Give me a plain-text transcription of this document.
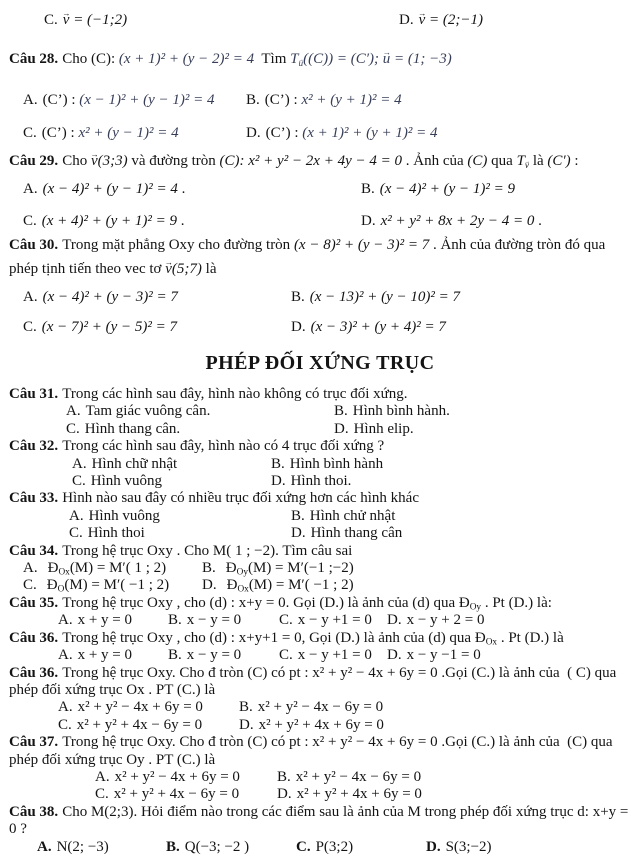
C. v → = (−1;2)	D. v → = (2;−1)

Câu 28. Cho (C): (x + 1)² + (y − 2)² = 4  Tìm $T_u((C)) = (C')$; u → = (1; −3)

A. (C’) : (x − 1)² + (y − 1)² = 4	B. (C’) : x² + (y + 1)² = 4
C. (C’) : x² + (y − 1)² = 4	D. (C’) : (x + 1)² + (y + 1)² = 4

Câu 29. Cho v →(3;3) và đường tròn (C): x² + y² − 2x + 4y − 4 = 0 . Ảnh của (C) qua $T_v$ là (C′) :

A. (x − 4)² + (y − 1)² = 4 .	B. (x − 4)² + (y − 1)² = 9
C. (x + 4)² + (y + 1)² = 9 .	D. x² + y² + 8x + 2y − 4 = 0 .

Câu 30. Trong mặt phẳng Oxy cho đường tròn (x − 8)² + (y − 3)² = 7 . Ảnh của đường tròn đó qua phép tịnh tiến theo vec tơ v →(5;7) là

A. (x − 4)² + (y − 3)² = 7	B. (x − 13)² + (y − 10)² = 7
C. (x − 7)² + (y − 5)² = 7	D. (x − 3)² + (y + 4)² = 7
PHÉP ĐỐI XỨNG TRỤC

Câu 31. Trong các hình sau đây, hình nào không có trục đối xứng.

A. Tam giác vuông cân.	B. Hình bình hành.
C. Hình thang cân.	D. Hình elip.

Câu 32. Trong các hình sau đây, hình nào có 4 trục đối xứng ?

A. Hình chữ nhật	B. Hình bình hành
C. Hình vuông	D. Hình thoi.

Câu 33. Hình nào sau đây có nhiều trục đối xứng hơn các hình khác

A. Hình vuông	B. Hình chử nhật
C. Hình thoi	D. Hình thang cân

Câu 34. Trong hệ trục Oxy . Cho M( 1 ; −2). Tìm câu sai

A. $Đ_{Ox}(M) = M'$( 1 ; 2)	B. $Đ_{Oy}(M) = M'(-1$ ;−2)
C. $Đ_O(M) = M'( -1$ ; 2)	D. $Đ_{Ox}(M) = M'( -1$ ; 2)

Câu 35. Trong hệ trục Oxy , cho (d) : x+y = 0. Gọi (D.) là ảnh của (d) qua $Đ_{Oy}$ . Pt (D.) là:

A. x + y = 0	B. x − y = 0	C. x − y +1 = 0	D. x − y + 2 = 0

Câu 36. Trong hệ trục Oxy , cho (d) : x+y+1 = 0, Gọi (D.) là ảnh của (d) qua $Đ_{Ox}$ . Pt (D.) là

A. x + y = 0	B. x − y = 0	C. x − y +1 = 0	D. x − y −1 = 0

Câu 36. Trong hệ trục Oxy. Cho đ tròn (C) có pt : x² + y² − 4x + 6y = 0 .Gọi (C.) là ảnh của  ( C) qua phép đối xứng trục Ox . PT (C.) là

A. x² + y² − 4x + 6y = 0	B. x² + y² − 4x − 6y = 0
C. x² + y² + 4x − 6y = 0	D. x² + y² + 4x + 6y = 0

Câu 37. Trong hệ trục Oxy. Cho đ tròn (C) có pt : x² + y² − 4x + 6y = 0 .Gọi (C.) là ảnh của  (C) qua phép đối xứng trục Oy . PT (C.) là

A. x² + y² − 4x + 6y = 0	B. x² + y² − 4x − 6y = 0
C. x² + y² + 4x − 6y = 0	D. x² + y² + 4x + 6y = 0

Câu 38. Cho M(2;3). Hỏi điểm nào trong các điểm sau là ảnh của M trong phép đối xứng trục d: x+y = 0 ?

A. N(2; −3)	B. Q(−3; −2 )	C. P(3;2)	D. S(3;−2)
